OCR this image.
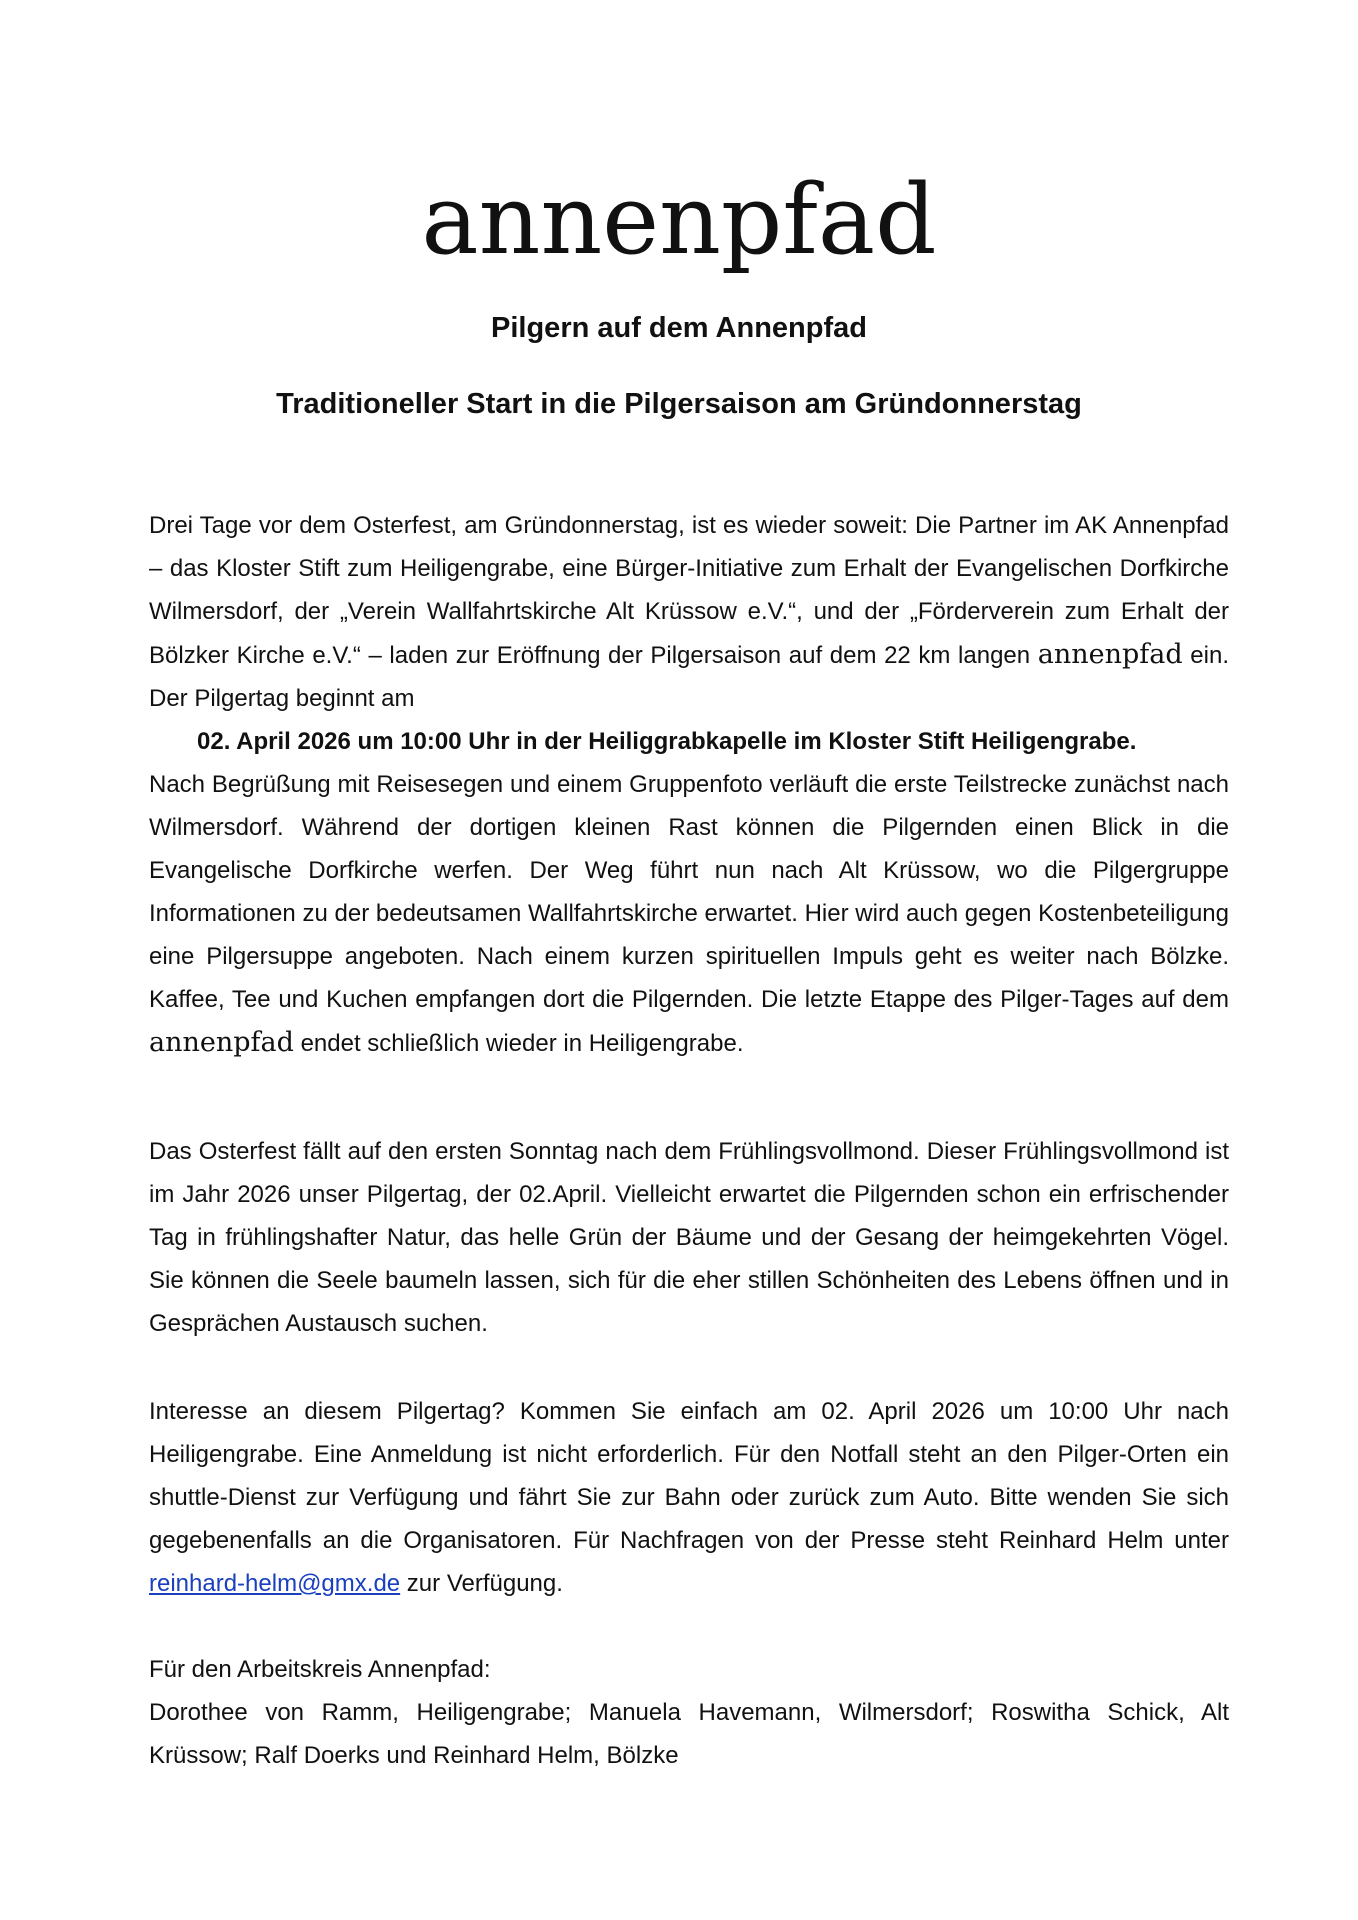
annenpfad
Pilgern auf dem Annenpfad
Traditioneller Start in die Pilgersaison am Gründonnerstag
Drei Tage vor dem Osterfest, am Gründonnerstag, ist es wieder soweit: Die Partner im AK Annenpfad – das Kloster Stift zum Heiligengrabe, eine Bürger-Initiative zum Erhalt der Evangelischen Dorfkirche Wilmersdorf, der „Verein Wallfahrtskirche Alt Krüssow e.V.“, und der „Förderverein zum Erhalt der Bölzker Kirche e.V.“ – laden zur Eröffnung der Pilgersaison auf dem 22 km langen annenpfad ein. Der Pilgertag beginnt am
02. April 2026 um 10:00 Uhr in der Heiliggrabkapelle im Kloster Stift Heiligengrabe.
Nach Begrüßung mit Reisesegen und einem Gruppenfoto verläuft die erste Teilstrecke zunächst nach Wilmersdorf. Während der dortigen kleinen Rast können die Pilgernden einen Blick in die Evangelische Dorfkirche werfen. Der Weg führt nun nach Alt Krüssow, wo die Pilgergruppe Informationen zu der bedeutsamen Wallfahrtskirche erwartet. Hier wird auch gegen Kostenbeteiligung eine Pilgersuppe angeboten. Nach einem kurzen spirituellen Impuls geht es weiter nach Bölzke. Kaffee, Tee und Kuchen empfangen dort die Pilgernden. Die letzte Etappe des Pilger-Tages auf dem annenpfad endet schließlich wieder in Heiligengrabe.
Das Osterfest fällt auf den ersten Sonntag nach dem Frühlingsvollmond. Dieser Frühlingsvollmond ist im Jahr 2026 unser Pilgertag, der 02.April. Vielleicht erwartet die Pilgernden schon ein erfrischender Tag in frühlingshafter Natur, das helle Grün der Bäume und der Gesang der heimgekehrten Vögel. Sie können die Seele baumeln lassen, sich für die eher stillen Schönheiten des Lebens öffnen und in Gesprächen Austausch suchen.
Interesse an diesem Pilgertag? Kommen Sie einfach am 02. April 2026 um 10:00 Uhr nach Heiligengrabe. Eine Anmeldung ist nicht erforderlich. Für den Notfall steht an den Pilger-Orten ein shuttle-Dienst zur Verfügung und fährt Sie zur Bahn oder zurück zum Auto. Bitte wenden Sie sich gegebenenfalls an die Organisatoren. Für Nachfragen von der Presse steht Reinhard Helm unter reinhard-helm@gmx.de zur Verfügung.
Für den Arbeitskreis Annenpfad:
Dorothee von Ramm, Heiligengrabe; Manuela Havemann, Wilmersdorf; Roswitha Schick, Alt Krüssow; Ralf Doerks und Reinhard Helm, Bölzke
